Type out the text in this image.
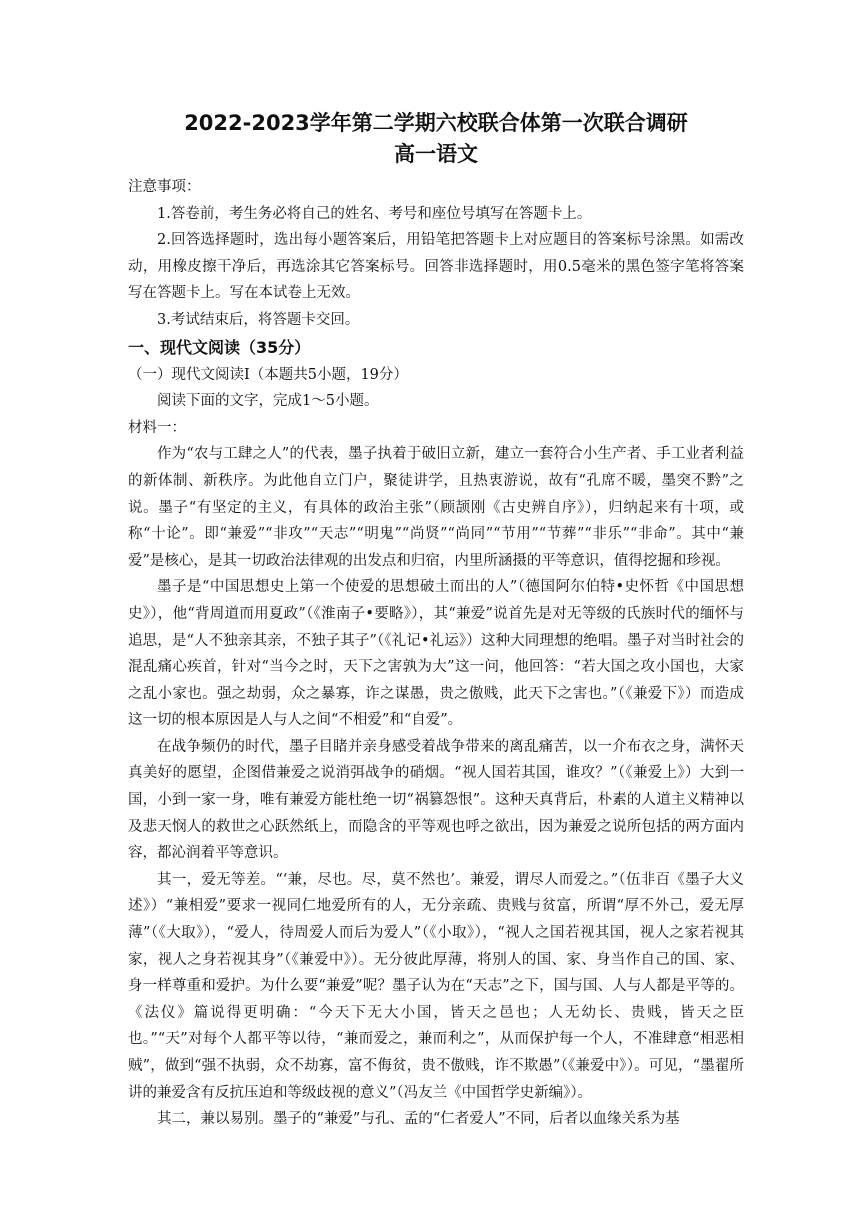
2022-2023学年第二学期六校联合体第一次联合调研
高一语文

注意事项：

1.答卷前，考生务必将自己的姓名、考号和座位号填写在答题卡上。

2.回答选择题时，选出每小题答案后，用铅笔把答题卡上对应题目的答案标号涂黑。如需改动，用橡皮擦干净后，再选涂其它答案标号。回答非选择题时，用0.5毫米的黑色签字笔将答案写在答题卡上。写在本试卷上无效。

3.考试结束后，将答题卡交回。

一、现代文阅读（35分）

（一）现代文阅读Ⅰ（本题共5小题，19分）

阅读下面的文字，完成1～5小题。

材料一：

作为“农与工肆之人”的代表，墨子执着于破旧立新，建立一套符合小生产者、手工业者利益的新体制、新秩序。为此他自立门户，聚徒讲学，且热衷游说，故有“孔席不暖，墨突不黔”之说。墨子“有坚定的主义，有具体的政治主张”（顾颉刚《古史辨自序》），归纳起来有十项，或称“十论”。即“兼爱”“非攻”“天志”“明鬼”“尚贤”“尚同”“节用”“节葬”“非乐”“非命”。其中“兼爱”是核心，是其一切政治法律观的出发点和归宿，内里所涵摄的平等意识，值得挖掘和珍视。

墨子是“中国思想史上第一个使爱的思想破土而出的人”（德国阿尔伯特•史怀哲《中国思想史》），他“背周道而用夏政”（《淮南子•要略》），其“兼爱”说首先是对无等级的氏族时代的缅怀与追思，是“人不独亲其亲，不独子其子”（《礼记•礼运》）这种大同理想的绝唱。墨子对当时社会的混乱痛心疾首，针对“当今之时，天下之害孰为大”这一问，他回答：“若大国之攻小国也，大家之乱小家也。强之劫弱，众之暴寡，诈之谋愚，贵之傲贱，此天下之害也。”（《兼爱下》）而造成这一切的根本原因是人与人之间“不相爱”和“自爱”。

在战争频仍的时代，墨子目睹并亲身感受着战争带来的离乱痛苦，以一介布衣之身，满怀天真美好的愿望，企图借兼爱之说消弭战争的硝烟。“视人国若其国，谁攻？”（《兼爱上》）大到一国，小到一家一身，唯有兼爱方能杜绝一切“祸篡怨恨”。这种天真背后，朴素的人道主义精神以及悲天悯人的救世之心跃然纸上，而隐含的平等观也呼之欲出，因为兼爱之说所包括的两方面内容，都沁润着平等意识。

其一，爱无等差。“‘兼，尽也。尽，莫不然也’。兼爱，谓尽人而爱之。”（伍非百《墨子大义述》）“兼相爱”要求一视同仁地爱所有的人，无分亲疏、贵贱与贫富，所谓“厚不外己，爱无厚薄”（《大取》），“爱人，待周爱人而后为爱人”（《小取》），“视人之国若视其国，视人之家若视其家，视人之身若视其身”（《兼爱中》）。无分彼此厚薄，将别人的国、家、身当作自己的国、家、身一样尊重和爱护。为什么要“兼爱”呢？墨子认为在“天志”之下，国与国、人与人都是平等的。《法仪》篇说得更明确：“今天下无大小国，皆天之邑也；人无幼长、贵贱，皆天之臣也。”“天”对每个人都平等以待，“兼而爱之，兼而利之”，从而保护每一个人，不准肆意“相恶相贼”，做到“强不执弱，众不劫寡，富不侮贫，贵不傲贱，诈不欺愚”（《兼爱中》）。可见，“墨翟所讲的兼爱含有反抗压迫和等级歧视的意义”（冯友兰《中国哲学史新编》）。

其二，兼以易别。墨子的“兼爱”与孔、孟的“仁者爱人”不同，后者以血缘关系为基
